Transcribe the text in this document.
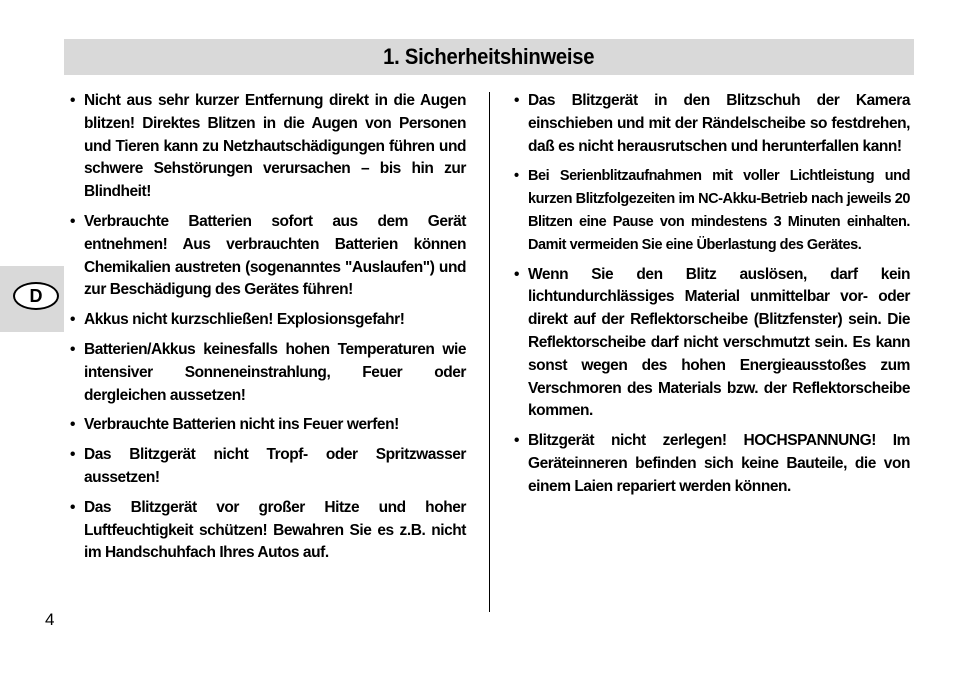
1. Sicherheitshinweise
D
• Nicht aus sehr kurzer Entfernung direkt in die Augen blitzen! Direktes Blitzen in die Augen von Personen und Tieren kann zu Netzhautschädigungen führen und schwere Sehstörungen verursachen – bis hin zur Blindheit!
• Verbrauchte Batterien sofort aus dem Gerät entnehmen! Aus verbrauchten Batterien können Chemikalien austreten (sogenanntes "Auslaufen") und zur Beschädigung des Gerätes führen!
• Akkus nicht kurzschließen! Explosionsgefahr!
• Batterien/Akkus keinesfalls hohen Temperaturen wie intensiver Sonneneinstrahlung, Feuer oder dergleichen aussetzen!
• Verbrauchte Batterien nicht ins Feuer werfen!
• Das Blitzgerät nicht Tropf- oder Spritzwasser aussetzen!
• Das Blitzgerät vor großer Hitze und hoher Luftfeuchtigkeit schützen! Bewahren Sie es z.B. nicht im Handschuhfach Ihres Autos auf.
• Das Blitzgerät in den Blitzschuh der Kamera einschieben und mit der Rändelscheibe so festdrehen, daß es nicht herausrutschen und herunterfallen kann!
• Bei Serienblitzaufnahmen mit voller Lichtleistung und kurzen Blitzfolgezeiten im NC-Akku-Betrieb nach jeweils 20 Blitzen eine Pause von mindestens 3 Minuten einhalten. Damit vermeiden Sie eine Überlastung des Gerätes.
• Wenn Sie den Blitz auslösen, darf kein lichtundurchlässiges Material unmittelbar vor- oder direkt auf der Reflektorscheibe (Blitzfenster) sein. Die Reflektorscheibe darf nicht verschmutzt sein. Es kann sonst wegen des hohen Energieausstoßes zum Verschmoren des Materials bzw. der Reflektorscheibe kommen.
• Blitzgerät nicht zerlegen! HOCHSPANNUNG! Im Geräteinneren befinden sich keine Bauteile, die von einem Laien repariert werden können.
4
